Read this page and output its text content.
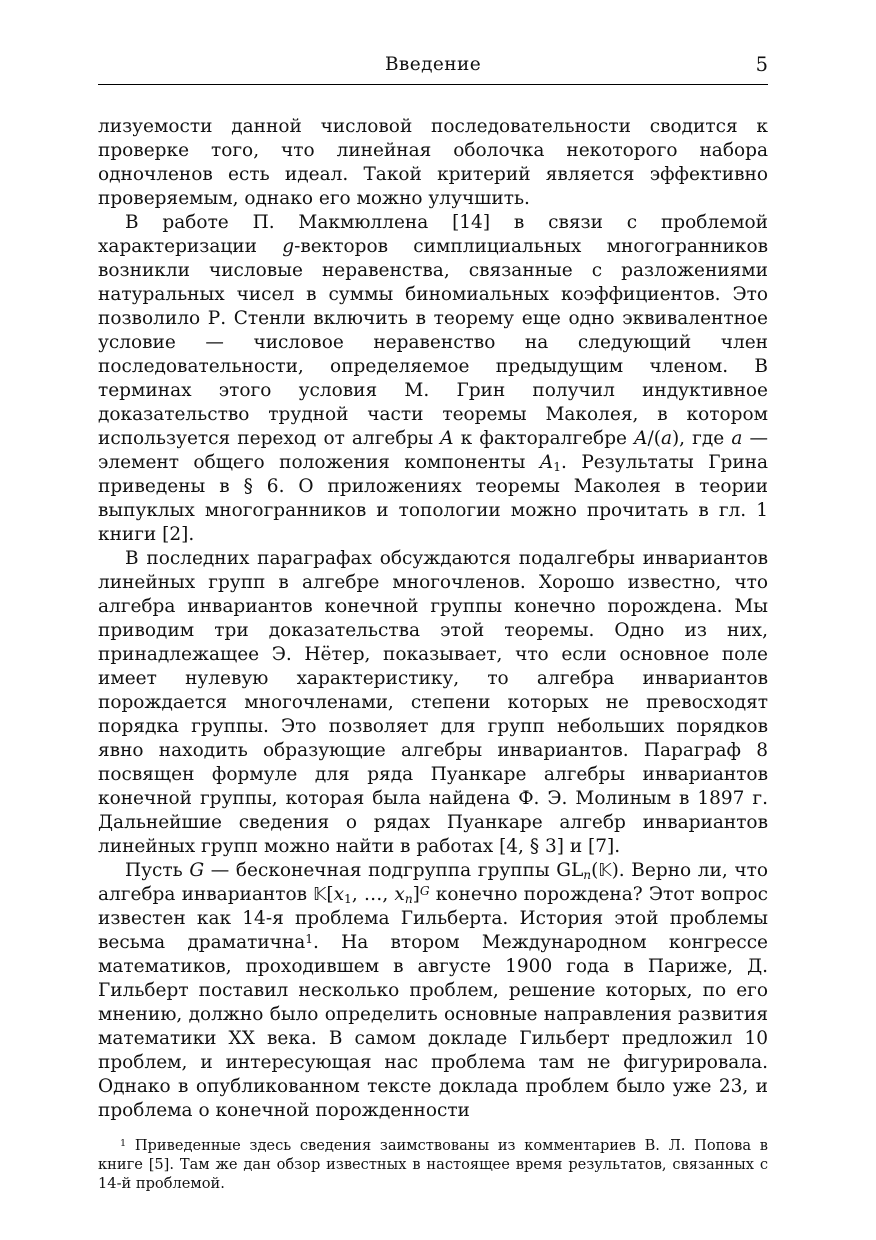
Введение	5

лизуемости данной числовой последовательности сводится к проверке того, что линейная оболочка некоторого набора одночленов есть идеал. Такой критерий является эффективно проверяемым, однако его можно улучшить.

В работе П. Макмюллена [14] в связи с проблемой характеризации g-векторов симплициальных многогранников возникли числовые неравенства, связанные с разложениями натуральных чисел в суммы биномиальных коэффициентов. Это позволило Р. Стенли включить в теорему еще одно эквивалентное условие — числовое неравенство на следующий член последовательности, определяемое предыдущим членом. В терминах этого условия М. Грин получил индуктивное доказательство трудной части теоремы Маколея, в котором используется переход от алгебры A к факторалгебре A/(a), где a — элемент общего положения компоненты $A_1$. Результаты Грина приведены в § 6. О приложениях теоремы Маколея в теории выпуклых многогранников и топологии можно прочитать в гл. 1 книги [2].

В последних параграфах обсуждаются подалгебры инвариантов линейных групп в алгебре многочленов. Хорошо известно, что алгебра инвариантов конечной группы конечно порождена. Мы приводим три доказательства этой теоремы. Одно из них, принадлежащее Э. Нётер, показывает, что если основное поле имеет нулевую характеристику, то алгебра инвариантов порождается многочленами, степени которых не превосходят порядка группы. Это позволяет для групп небольших порядков явно находить образующие алгебры инвариантов. Параграф 8 посвящен формуле для ряда Пуанкаре алгебры инвариантов конечной группы, которая была найдена Ф. Э. Молиным в 1897 г. Дальнейшие сведения о рядах Пуанкаре алгебр инвариантов линейных групп можно найти в работах [4, § 3] и [7].

Пусть G — бесконечная подгруппа группы $GL_n(𝕂)$. Верно ли, что алгебра инвариантов $𝕂[x_1$, …, $x_n]^G$ конечно порождена? Этот вопрос известен как 14-я проблема Гильберта. История этой проблемы весьма драматична$^1$. На втором Международном конгрессе математиков, проходившем в августе 1900 года в Париже, Д. Гильберт поставил несколько проблем, решение которых, по его мнению, должно было определить основные направления развития математики XX века. В самом докладе Гильберт предложил 10 проблем, и интересующая нас проблема там не фигурировала. Однако в опубликованном тексте доклада проблем было уже 23, и проблема о конечной порожденности

$^1$ Приведенные здесь сведения заимствованы из комментариев В. Л. Попова в книге [5]. Там же дан обзор известных в настоящее время результатов, связанных с 14-й проблемой.
